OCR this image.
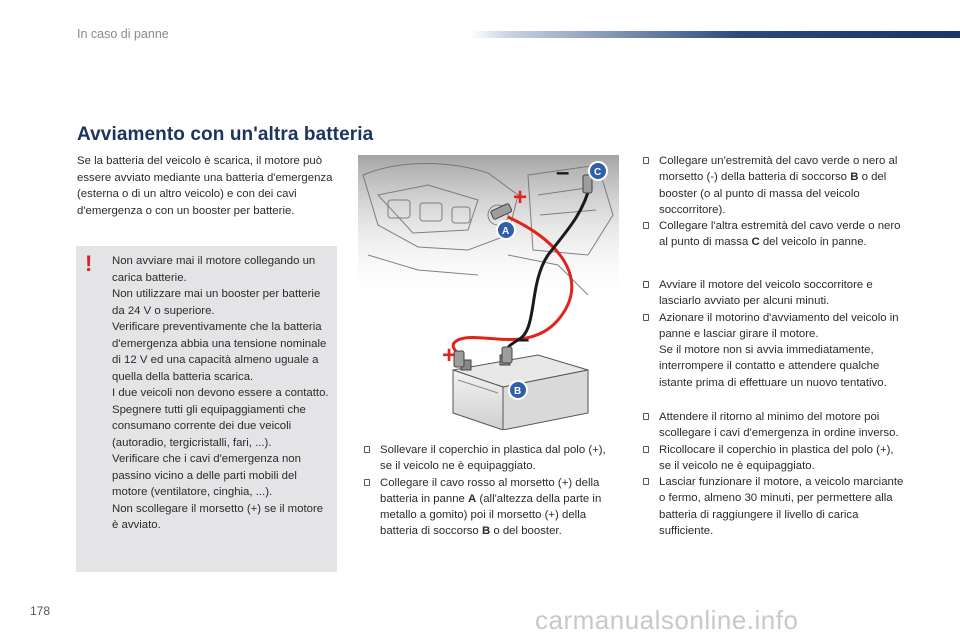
In caso di panne
Avviamento con un'altra batteria
Se la batteria del veicolo è scarica, il motore può essere avviato mediante una batteria d'emergenza (esterna o di un altro veicolo) e con dei cavi d'emergenza o con un booster per batterie.
!	Non avviare mai il motore collegando un carica batterie.
Non utilizzare mai un booster per batterie da 24 V o superiore.
Verificare preventivamente che la batteria d'emergenza abbia una tensione nominale di 12 V ed una capacità almeno uguale a quella della batteria scarica.
I due veicoli non devono essere a contatto.
Spegnere tutti gli equipaggiamenti che consumano corrente dei due veicoli (autoradio, tergicristalli, fari, ...).
Verificare che i cavi d'emergenza non passino vicino a delle parti mobili del motore (ventilatore, cinghia, ...).
Non scollegare il morsetto (+) se il motore è avviato.
+
– C
A
+
–
B
Sollevare il coperchio in plastica dal polo (+), se il veicolo ne è equipaggiato.
Collegare il cavo rosso al morsetto (+) della batteria in panne A (all'altezza della parte in metallo a gomito) poi il morsetto (+) della batteria di soccorso B o del booster.
Collegare un'estremità del cavo verde o nero al morsetto (-) della batteria di soccorso B o del booster (o al punto di massa del veicolo soccorritore).
Collegare l'altra estremità del cavo verde o nero al punto di massa C del veicolo in panne.
Avviare il motore del veicolo soccorritore e lasciarlo avviato per alcuni minuti.
Azionare il motorino d'avviamento del veicolo in panne e lasciar girare il motore.
Se il motore non si avvia immediatamente, interrompere il contatto e attendere qualche istante prima di effettuare un nuovo tentativo.
Attendere il ritorno al minimo del motore poi scollegare i cavi d'emergenza in ordine inverso.
Ricollocare il coperchio in plastica del polo (+), se il veicolo ne è equipaggiato.
Lasciar funzionare il motore, a veicolo marciante o fermo, almeno 30 minuti, per permettere alla batteria di raggiungere il livello di carica sufficiente.
178	carmanualsonline.info
